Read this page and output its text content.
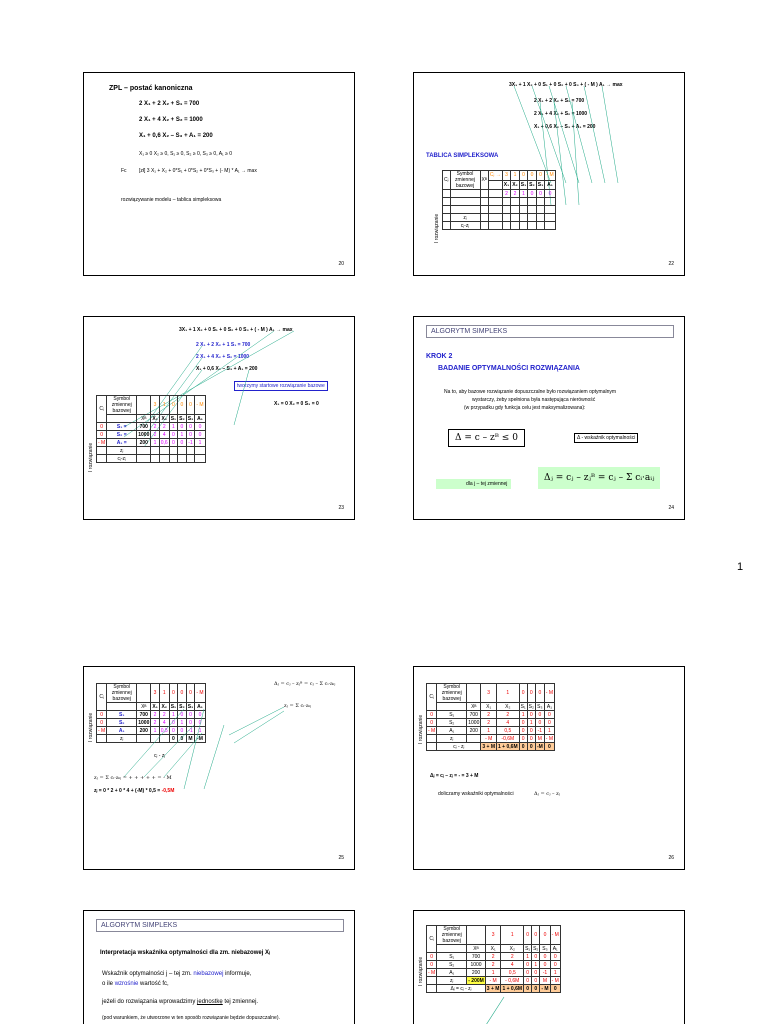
1
ZPL – postać kanoniczna
2 X₁ + 2 X₂ + S₁ = 700
2 X₁ + 4 X₂ + S₂ = 1000
X₁ + 0,6 X₂ – S₃ + A₁ = 200
X₁ ≥ 0 X₂ ≥ 0, S₁ ≥ 0, S₂ ≥ 0, S₃ ≥ 0, A₁ ≥ 0
Fc [zł] 3 X₁ + X₂ + 0*S₁ + 0*S₂ + 0*S₃ + (- M) * A₁ → max
rozwiązywanie modelu – tablica simpleksowa
20
3X₁ + 1 X₂ + 0 S₁ + 0 S₂ + 0 S₃ + ( - M ) A₁ → max
2 X₁ + 2 X₂ + S₁ = 700
2 X₁ + 4 X₂ + S₂ = 1000
X₁ + 0,6 X₂ – S₃ + A₁ = 200
TABLICA SIMPLEKSOWA
I rozwiązanie
Cⱼ	Symbol zmiennej bazowej	Xᴮ	Cⱼ →	3	1	0	0	0	- M
				X₁	X₂	S₁	S₂	S₃	A₁
				2	2	1	0	0	0

	zⱼ								
	cⱼ-zⱼ								
22
3X₁ + 1 X₂ + 0 S₁ + 0 S₂ + 0 S₃ + ( - M ) A₁ → max
2 X₁ + 2 X₂ + 1 S₁ = 700
2 X₁ + 4 X₂ + S₂ = 1000
X₁ + 0,6 X₂ – S₃ + A₁ = 200
tworzymy startowe rozwiązanie bazowe
X₁ = 0 X₂ = 0 S₃ = 0
I rozwiązanie
Cⱼ	Symbol zmiennej bazowej		3	1	0	0	0	- M
		Xᴮ	X₁	X₂	S₁	S₂	S₃	A₁
0	S₁ =	700	2	2	1	0	0	0
0	S₂ =	1000	2	4	0	1	0	0
- M	A₁ =	200	1	0,6	0	0	-1	1
	zⱼ							
	cⱼ-zⱼ							
23
ALGORYTM SIMPLEKS
KROK 2
BADANIE OPTYMALNOŚCI ROZWIĄZANIA
Na to, aby bazowe rozwiązanie dopuszczalne było rozwiązaniem optymalnym
wystarczy, żeby spełniona była następująca nierówność
(w przypadku gdy funkcja celu jest maksymalizowana):
Δ = c – zᴮ ≤ 0	Δ - wskaźnik optymalności
dla j – tej zmiennej
Δⱼ = cⱼ – zⱼᴮ = cⱼ – Σ cᵢ·aᵢⱼ
24
I rozwiązanie
Cⱼ	Symbol zmiennej bazowej		3	1	0	0	0	- M
		Xᴮ	X₁	X₂	S₁	S₂	S₃	A₁
0	S₁	700	2	2	1	0	0	0
0	S₂	1000	2	4	0	1	0	0
- M	A₁	200	1	0,5	0	0	-1	1
	zⱼ				0	0	M	-M
cⱼ - zⱼ
Δⱼ = cⱼ – zⱼᴮ = cⱼ – Σ cᵢ·aᵢⱼ
zⱼ = Σ cᵢ·aᵢⱼ
zⱼ = Σ cᵢ·aᵢⱼ = + + + + + = - M
zⱼ = 0 * 2 + 0 * 4 + (-M) * 0,5 = -0,5M
25
I rozwiązanie
Cⱼ	Symbol zmiennej bazowej		3	1	0	0	0	- M
		Xᴮ	X₁	X₂	S₁	S₂	S₃	A₁
0	S₁	700	2	2	1	0	0	0
0	S₂	1000	2	4	0	1	0	0
- M	A₁	200	1	0,5	0	0	-1	1
	zⱼ		- M	-0,6M	0	0	M	- M
	cⱼ - zⱼ		3 + M	1 + 0,6M	0	0	-M	0
Δⱼ = cⱼ – zⱼ = - = 3 + M
doliczamy wskaźniki optymalności	Δⱼ = cⱼ – zⱼ
26
ALGORYTM SIMPLEKS
Interpretacja wskaźnika optymalności dla zm. niebazowej Xⱼ
Wskaźnik optymalności j – tej zm. niebazowej informuje,
o ile wzrośnie wartość fc,
jeżeli do rozwiązania wprowadzimy jednostkę tej zmiennej.
(pod warunkiem, że utworzone w ten sposób rozwiązanie będzie dopuszczalne).
I rozwiązanie
Cⱼ	Symbol zmiennej bazowej		3	1	0	0	0	- M
		Xᴮ	X₁	X₂	S₁	S₂	S₃	A₁
0	S₁	700	2	2	1	0	0	0
0	S₂	1000	2	4	0	1	0	0
- M	A₁	200	1	0,5	0	0	-1	1
	zⱼ	- 200M	- M	- 0,6M	0	0	M	- M
	Δⱼ = cⱼ - zⱼ		3 + M	1 + 0,6M	0	0	- M	0
